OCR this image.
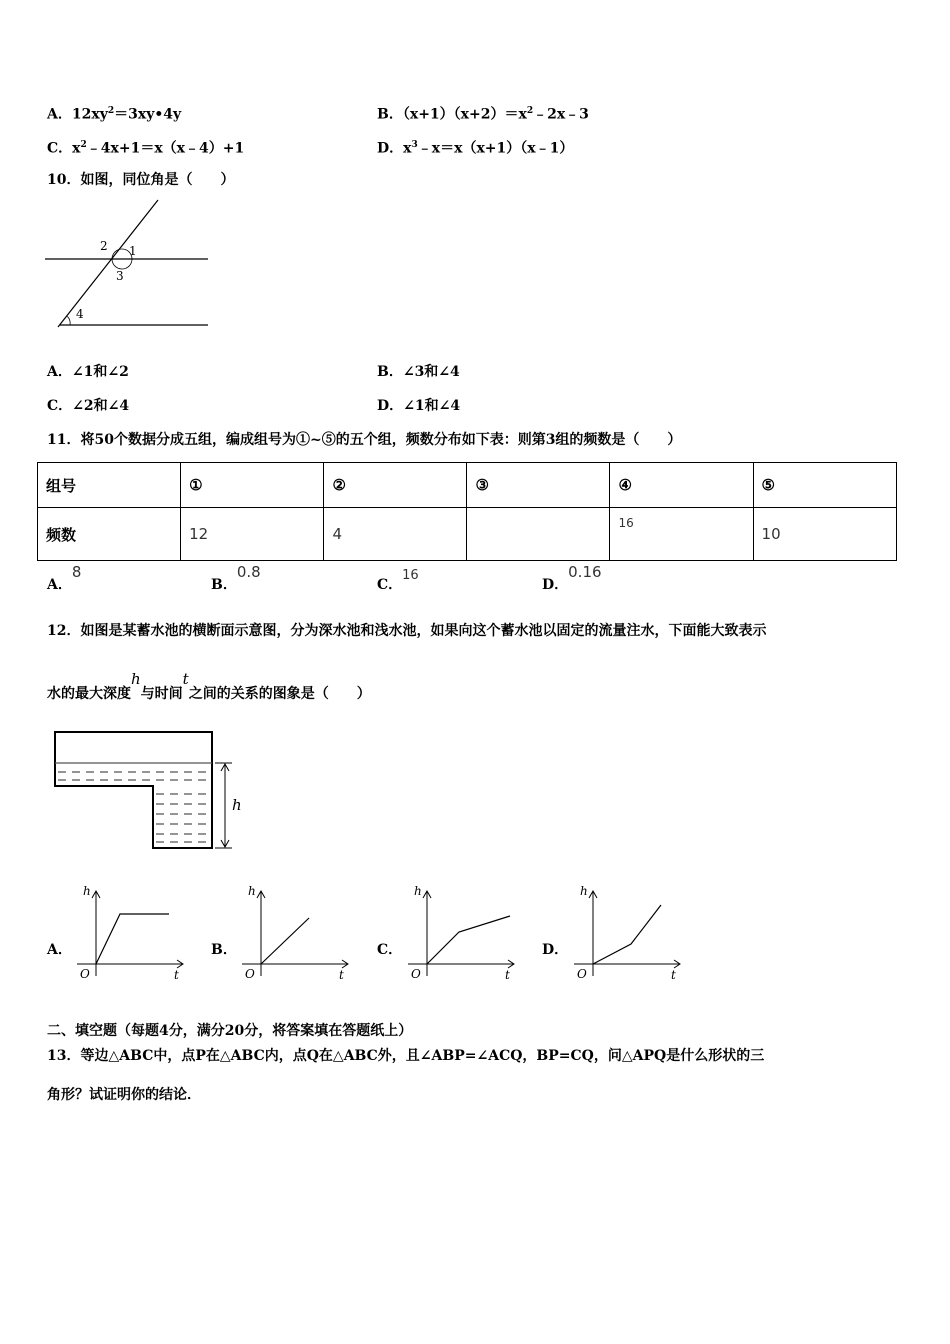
A．$12xy^2=3xy•4y$	B．$(x+1)(x+2)=x^2﹣2x﹣3$
C．$x^2﹣4x+1=x(x﹣4)+1$	D．$x^3﹣x=x(x+1)(x﹣1)$
10．如图，同位角是（　　）
2 1
3
4
A．∠1和∠2	B．∠3和∠4
C．∠2和∠4	D．∠1和∠4
11．将50个数据分成五组，编成组号为①~⑤的五个组，频数分布如下表：则第3组的频数是（　　）
组号	①	②	③	④	⑤
频数	12	4		16	10
A．8
B．0.8
C．16
D．0.16
12．如图是某蓄水池的横断面示意图，分为深水池和浅水池，如果向这个蓄水池以固定的流量注水，下面能大致表示
水的最大深度h与时间t之间的关系的图象是（　　）
h
A．
h
t
O
B．
h
t
O
C．
h
t
O
D．
h
t
O
二、填空题（每题4分，满分20分，将答案填在答题纸上）
13．等边△ABC中，点P在△ABC内，点Q在△ABC外，且∠ABP=∠ACQ，BP=CQ，问△APQ是什么形状的三
角形？试证明你的结论．
